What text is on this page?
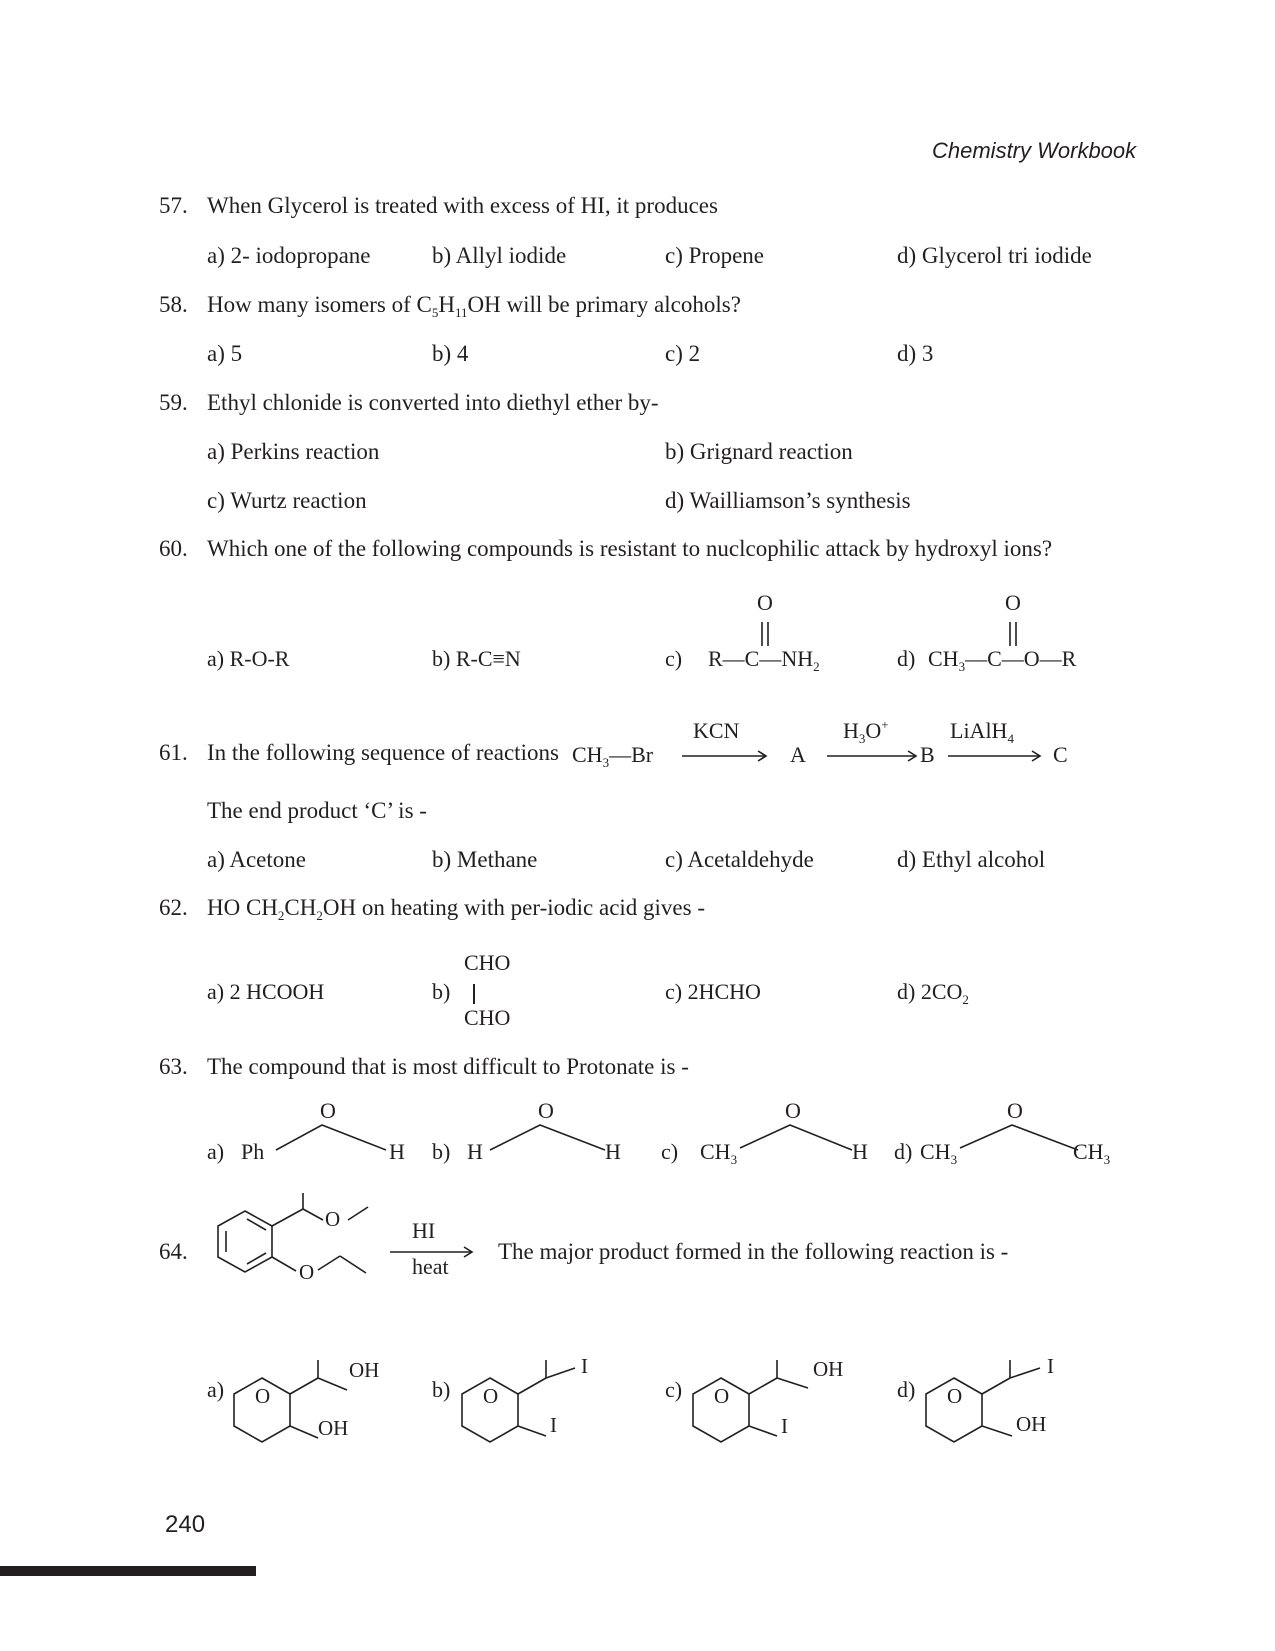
Chemistry Workbook
57. When Glycerol is treated with excess of HI, it produces
a) 2- iodopropane	b) Allyl iodide	c) Propene	d) Glycerol tri iodide
58. How many isomers of $C_5H_{11}OH$ will be primary alcohols?
a) 5	b) 4	c) 2	d) 3
59. Ethyl chlonide is converted into diethyl ether by-
a) Perkins reaction	b) Grignard reaction
c) Wurtz reaction	d) Wailliamson’s synthesis
60. Which one of the following compounds is resistant to nuclcophilic attack by hydroxyl ions?
a) R-O-R	b) R-C≡N	c) $R—C—NH_2$
O
d) $CH_3—C—O—R$
O
61. In the following sequence of reactions $CH_3—Br$
KCN
A
$H_3O^+$
B
LiAlH$_4$
C
The end product ‘C’ is -
a) Acetone	b) Methane	c) Acetaldehyde	d) Ethyl alcohol
62. HO $CH_2CH_2OH$ on heating with per-iodic acid gives -
a) 2 HCOOH	b)
CHO
CHO
c) 2HCHO	d) $2CO_2$
63. The compound that is most difficult to Protonate is -
a) Ph
O
H b) H
O
H c) $CH_3$
O
H d) $CH_3$
O
$CH_3$
64.
HI
heat
The major product formed in the following reaction is -
a)	b)	c)	d)
O
OH
OH
O
I
I
O
OH
I
O
I
OH
O
O
240
